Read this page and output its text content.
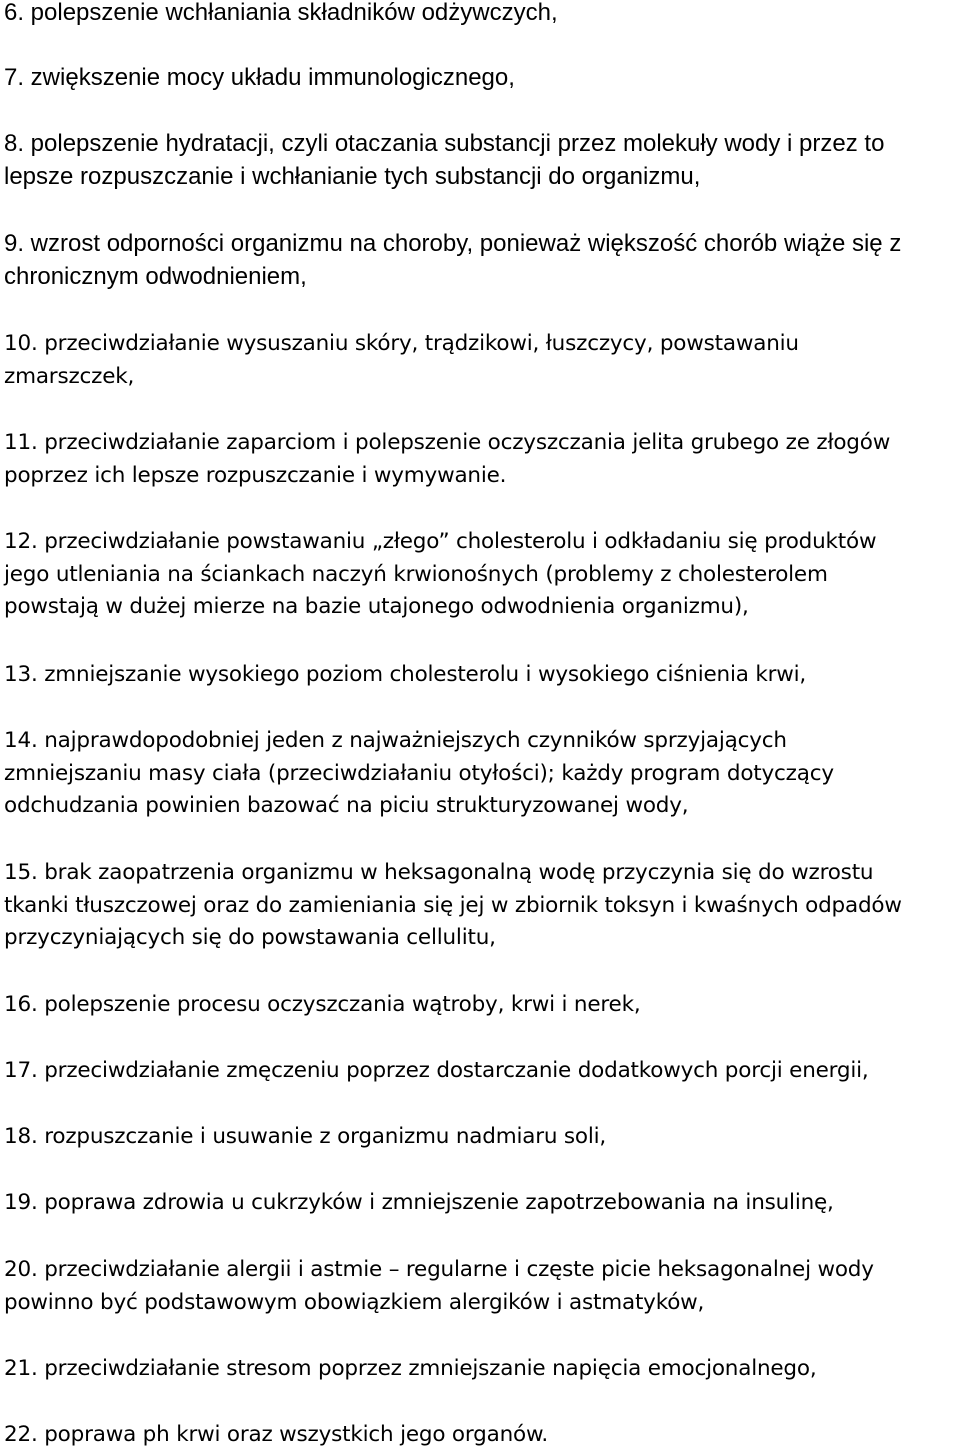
6. polepszenie wchłaniania składników odżywczych,

7. zwiększenie mocy układu immunologicznego,

8. polepszenie hydratacji, czyli otaczania substancji przez molekuły wody i przez to
lepsze rozpuszczanie i wchłanianie tych substancji do organizmu,

9. wzrost odporności organizmu na choroby, ponieważ większość chorób wiąże się z
chronicznym odwodnieniem,

10. przeciwdziałanie wysuszaniu skóry, trądzikowi, łuszczycy, powstawaniu
zmarszczek,

11. przeciwdziałanie zaparciom i polepszenie oczyszczania jelita grubego ze złogów
poprzez ich lepsze rozpuszczanie i wymywanie.

12. przeciwdziałanie powstawaniu „złego” cholesterolu i odkładaniu się produktów
jego utleniania na ściankach naczyń krwionośnych (problemy z cholesterolem
powstają w dużej mierze na bazie utajonego odwodnienia organizmu),

13. zmniejszanie wysokiego poziom cholesterolu i wysokiego ciśnienia krwi,

14. najprawdopodobniej jeden z najważniejszych czynników sprzyjających
zmniejszaniu masy ciała (przeciwdziałaniu otyłości); każdy program dotyczący
odchudzania powinien bazować na piciu strukturyzowanej wody,

15. brak zaopatrzenia organizmu w heksagonalną wodę przyczynia się do wzrostu
tkanki tłuszczowej oraz do zamieniania się jej w zbiornik toksyn i kwaśnych odpadów
przyczyniających się do powstawania cellulitu,

16. polepszenie procesu oczyszczania wątroby, krwi i nerek,

17. przeciwdziałanie zmęczeniu poprzez dostarczanie dodatkowych porcji energii,

18. rozpuszczanie i usuwanie z organizmu nadmiaru soli,

19. poprawa zdrowia u cukrzyków i zmniejszenie zapotrzebowania na insulinę,

20. przeciwdziałanie alergii i astmie – regularne i częste picie heksagonalnej wody
powinno być podstawowym obowiązkiem alergików i astmatyków,

21. przeciwdziałanie stresom poprzez zmniejszanie napięcia emocjonalnego,

22. poprawa ph krwi oraz wszystkich jego organów.
